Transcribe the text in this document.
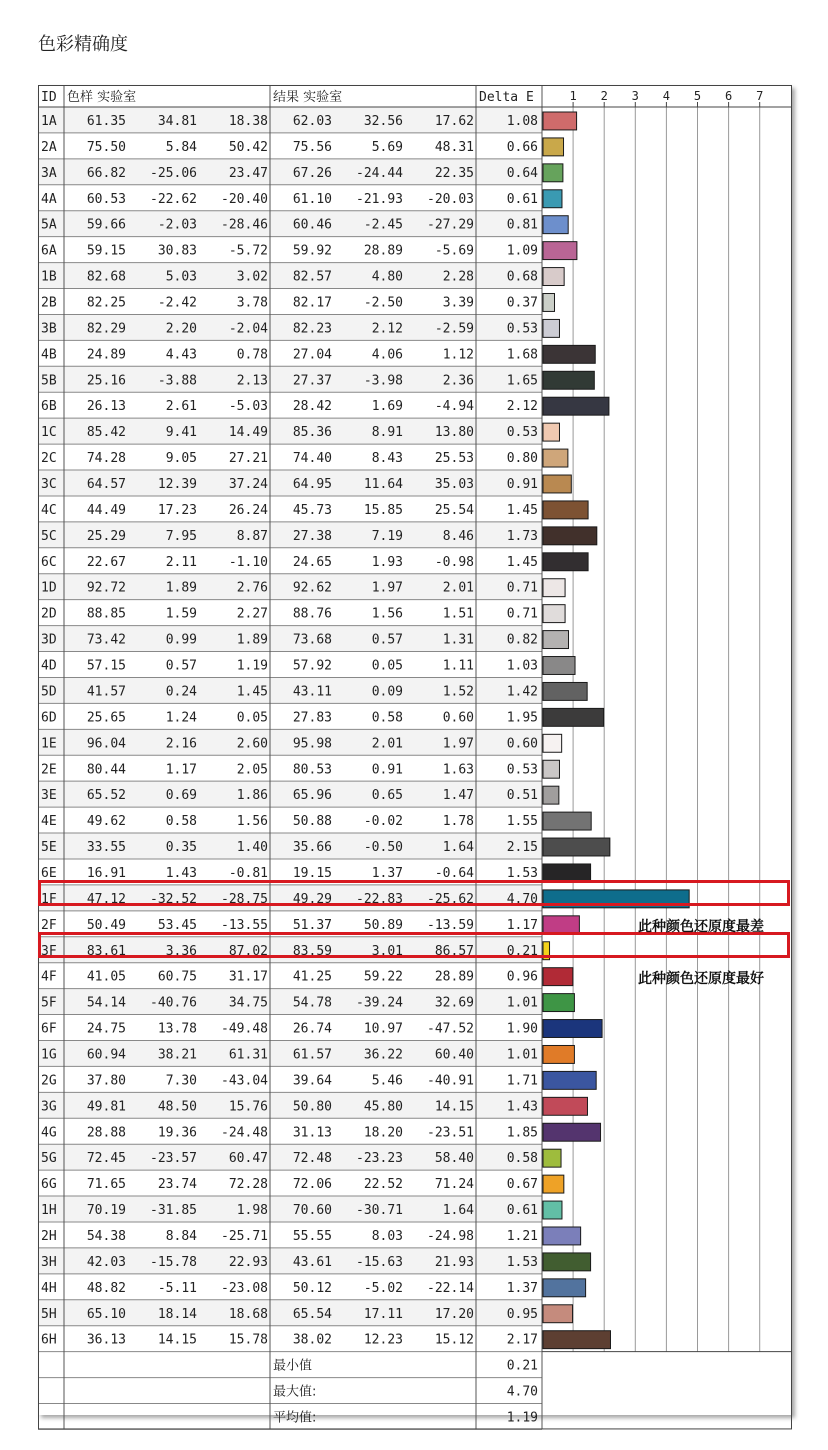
色彩精确度
1 2 3 4 5 6 7
ID 色样 实验室	结果 实验室	Delta E
1A 61.35 34.81 18.38 62.03 32.56 17.62	1.08
2A 75.50	5.84 50.42 75.56	5.69 48.31	0.66
3A 66.82 -25.06 23.47 67.26 -24.44 22.35	0.64
4A 60.53 -22.62 -20.40 61.10 -21.93 -20.03	0.61
5A 59.66 -2.03 -28.46 60.46 -2.45 -27.29	0.81
6A 59.15 30.83 -5.72 59.92 28.89 -5.69	1.09
1B 82.68	5.03	3.02 82.57	4.80	2.28	0.68
2B 82.25 -2.42	3.78 82.17 -2.50	3.39	0.37
3B 82.29	2.20 -2.04 82.23	2.12 -2.59	0.53
4B 24.89	4.43	0.78 27.04	4.06	1.12	1.68
5B 25.16 -3.88	2.13 27.37 -3.98	2.36	1.65
6B 26.13	2.61 -5.03 28.42	1.69 -4.94	2.12
1C 85.42	9.41 14.49 85.36	8.91 13.80	0.53
2C 74.28	9.05 27.21 74.40	8.43 25.53	0.80
3C 64.57 12.39 37.24 64.95 11.64 35.03	0.91
4C 44.49 17.23 26.24 45.73 15.85 25.54	1.45
5C 25.29	7.95	8.87 27.38	7.19	8.46	1.73
6C 22.67	2.11 -1.10 24.65	1.93 -0.98	1.45
1D 92.72	1.89	2.76 92.62	1.97	2.01	0.71
2D 88.85	1.59	2.27 88.76	1.56	1.51	0.71
3D 73.42	0.99	1.89 73.68	0.57	1.31	0.82
4D 57.15	0.57	1.19 57.92	0.05	1.11	1.03
5D 41.57	0.24	1.45 43.11	0.09	1.52	1.42
6D 25.65	1.24	0.05 27.83	0.58	0.60	1.95
1E 96.04	2.16	2.60 95.98	2.01	1.97	0.60
2E 80.44	1.17	2.05 80.53	0.91	1.63	0.53
3E 65.52	0.69	1.86 65.96	0.65	1.47	0.51
4E 49.62	0.58	1.56 50.88 -0.02	1.78	1.55
5E 33.55	0.35	1.40 35.66 -0.50	1.64	2.15
6E 16.91	1.43 -0.81 19.15	1.37 -0.64	1.53
1F 47.12 -32.52 -28.75 49.29 -22.83 -25.62	4.70
2F 50.49 53.45 -13.55 51.37 50.89 -13.59	1.17
3F 83.61	3.36 87.02 83.59	3.01 86.57	0.21
4F 41.05 60.75 31.17 41.25 59.22 28.89	0.96
5F 54.14 -40.76 34.75 54.78 -39.24 32.69	1.01
6F 24.75 13.78 -49.48 26.74 10.97 -47.52	1.90
1G 60.94 38.21 61.31 61.57 36.22 60.40	1.01
2G 37.80	7.30 -43.04 39.64	5.46 -40.91	1.71
3G 49.81 48.50 15.76 50.80 45.80 14.15	1.43
4G 28.88 19.36 -24.48 31.13 18.20 -23.51	1.85
5G 72.45 -23.57 60.47 72.48 -23.23 58.40	0.58
6G 71.65 23.74 72.28 72.06 22.52 71.24	0.67
1H 70.19 -31.85	1.98 70.60 -30.71	1.64	0.61
2H 54.38	8.84 -25.71 55.55	8.03 -24.98	1.21
3H 42.03 -15.78 22.93 43.61 -15.63 21.93	1.53
4H 48.82 -5.11 -23.08 50.12 -5.02 -22.14	1.37
5H 65.10 18.14 18.68 65.54 17.11 17.20	0.95
6H 36.13 14.15 15.78 38.02 12.23 15.12	2.17
最小值	0.21
最大值:	4.70
平均值:	1.19
此种颜色还原度最差
此种颜色还原度最好
